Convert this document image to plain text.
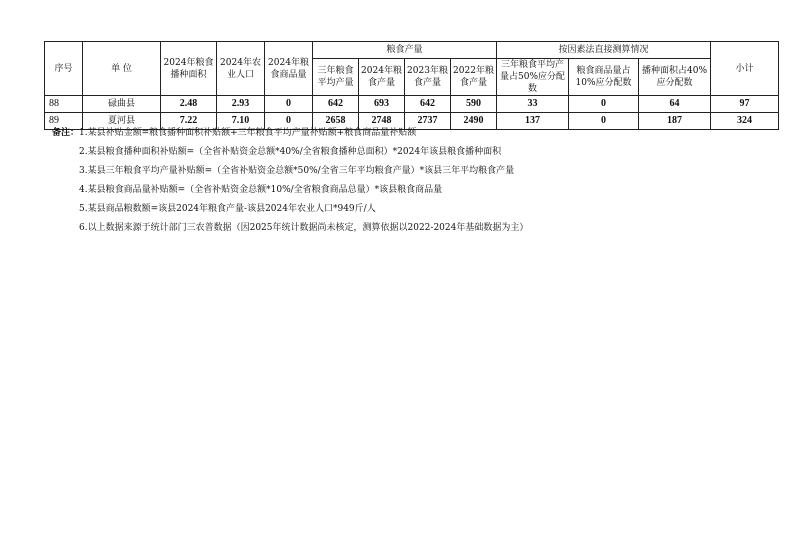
序号	单 位	2024年粮食播种面积	2024年农业人口	2024年粮食商品量	粮食产量				按因素法直接测算情况			小计
					三年粮食平均产量	2024年粮食产量	2023年粮食产量	2022年粮食产量	三年粮食平均产量占50%应分配数	粮食商品量占10%应分配数	播种面积占40%应分配数	
88	碌曲县	2.48	2.93	0	642	693	642	590	33	0	64	97
89	夏河县	7.22	7.10	0	2658	2748	2737	2490	137	0	187	324
备注：1.某县补贴金额=粮食播种面积补贴额+三年粮食平均产量补贴额+粮食商品量补贴额
2.某县粮食播种面积补贴额=（全省补贴资金总额*40%/全省粮食播种总面积）*2024年该县粮食播种面积
3.某县三年粮食平均产量补贴额=（全省补贴资金总额*50%/全省三年平均粮食产量）*该县三年平均粮食产量
4.某县粮食商品量补贴额=（全省补贴资金总额*10%/全省粮食商品总量）*该县粮食商品量
5.某县商品粮数额=该县2024年粮食产量-该县2024年农业人口*949斤/人
6.以上数据来源于统计部门三农普数据（因2025年统计数据尚未核定，测算依据以2022-2024年基础数据为主）
